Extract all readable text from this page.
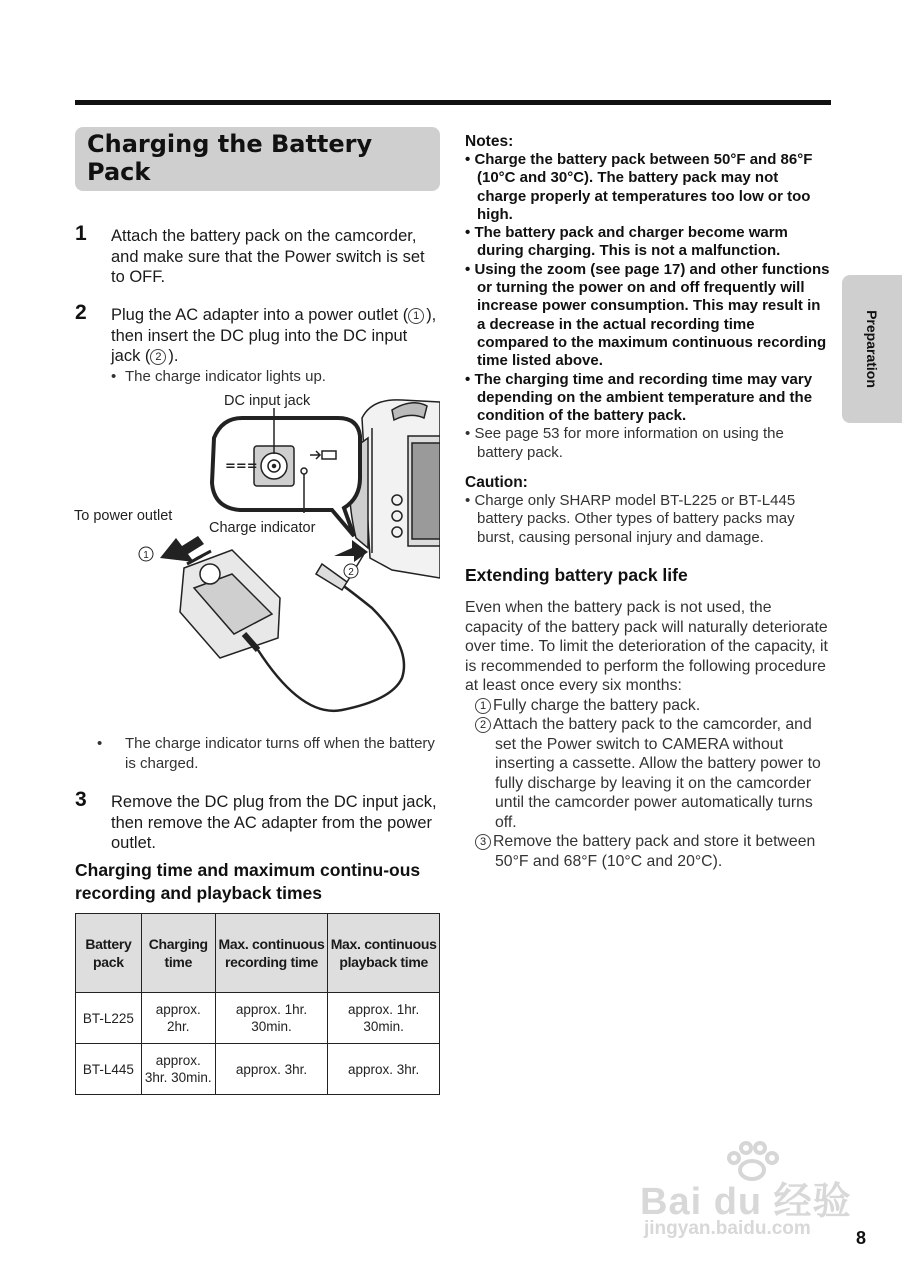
Charging the Battery Pack
1 Attach the battery pack on the camcorder, and make sure that the Power switch is set to OFF.
2 Plug the AC adapter into a power outlet ( 1 ), then insert the DC plug into the DC input jack ( 2 ).
• The charge indicator lights up.
===
1
2
DC input jack
Charge indicator
To power outlet
• The charge indicator turns off when the battery is charged.
3 Remove the DC plug from the DC input jack, then remove the AC adapter from the power outlet.
Charging time and maximum continu-ous recording and playback times
Battery pack	Charging time	Max. continuous recording time	Max. continuous playback time
BT-L225	approx. 2hr.	approx. 1hr. 30min.	approx. 1hr. 30min.
BT-L445	approx. 3hr. 30min.	approx. 3hr.	approx. 3hr.
Notes:
• Charge the battery pack between 50°F and 86°F (10°C and 30°C). The battery pack may not charge properly at temperatures too low or too high.
• The battery pack and charger become warm during charging. This is not a malfunction.
• Using the zoom (see page 17) and other functions or turning the power on and off frequently will increase power consumption. This may result in a decrease in the actual recording time compared to the maximum continuous recording time listed above.
• The charging time and recording time may vary depending on the ambient temperature and the condition of the battery pack.
• See page 53 for more information on using the battery pack.
Caution:
• Charge only SHARP model BT-L225 or BT-L445 battery packs. Other types of battery packs may burst, causing personal injury and damage.
Extending battery pack life
Even when the battery pack is not used, the capacity of the battery pack will naturally deteriorate over time. To limit the deterioration of the capacity, it is recommended to perform the following procedure at least once every six months:
1 Fully charge the battery pack.
2 Attach the battery pack to the camcorder, and set the Power switch to CAMERA without inserting a cassette. Allow the battery power to fully discharge by leaving it on the camcorder until the camcorder power automatically turns off.
3 Remove the battery pack and store it between 50°F and 68°F (10°C and 20°C).
Preparation
Bai du 经验
jingyan.baidu.com	8
